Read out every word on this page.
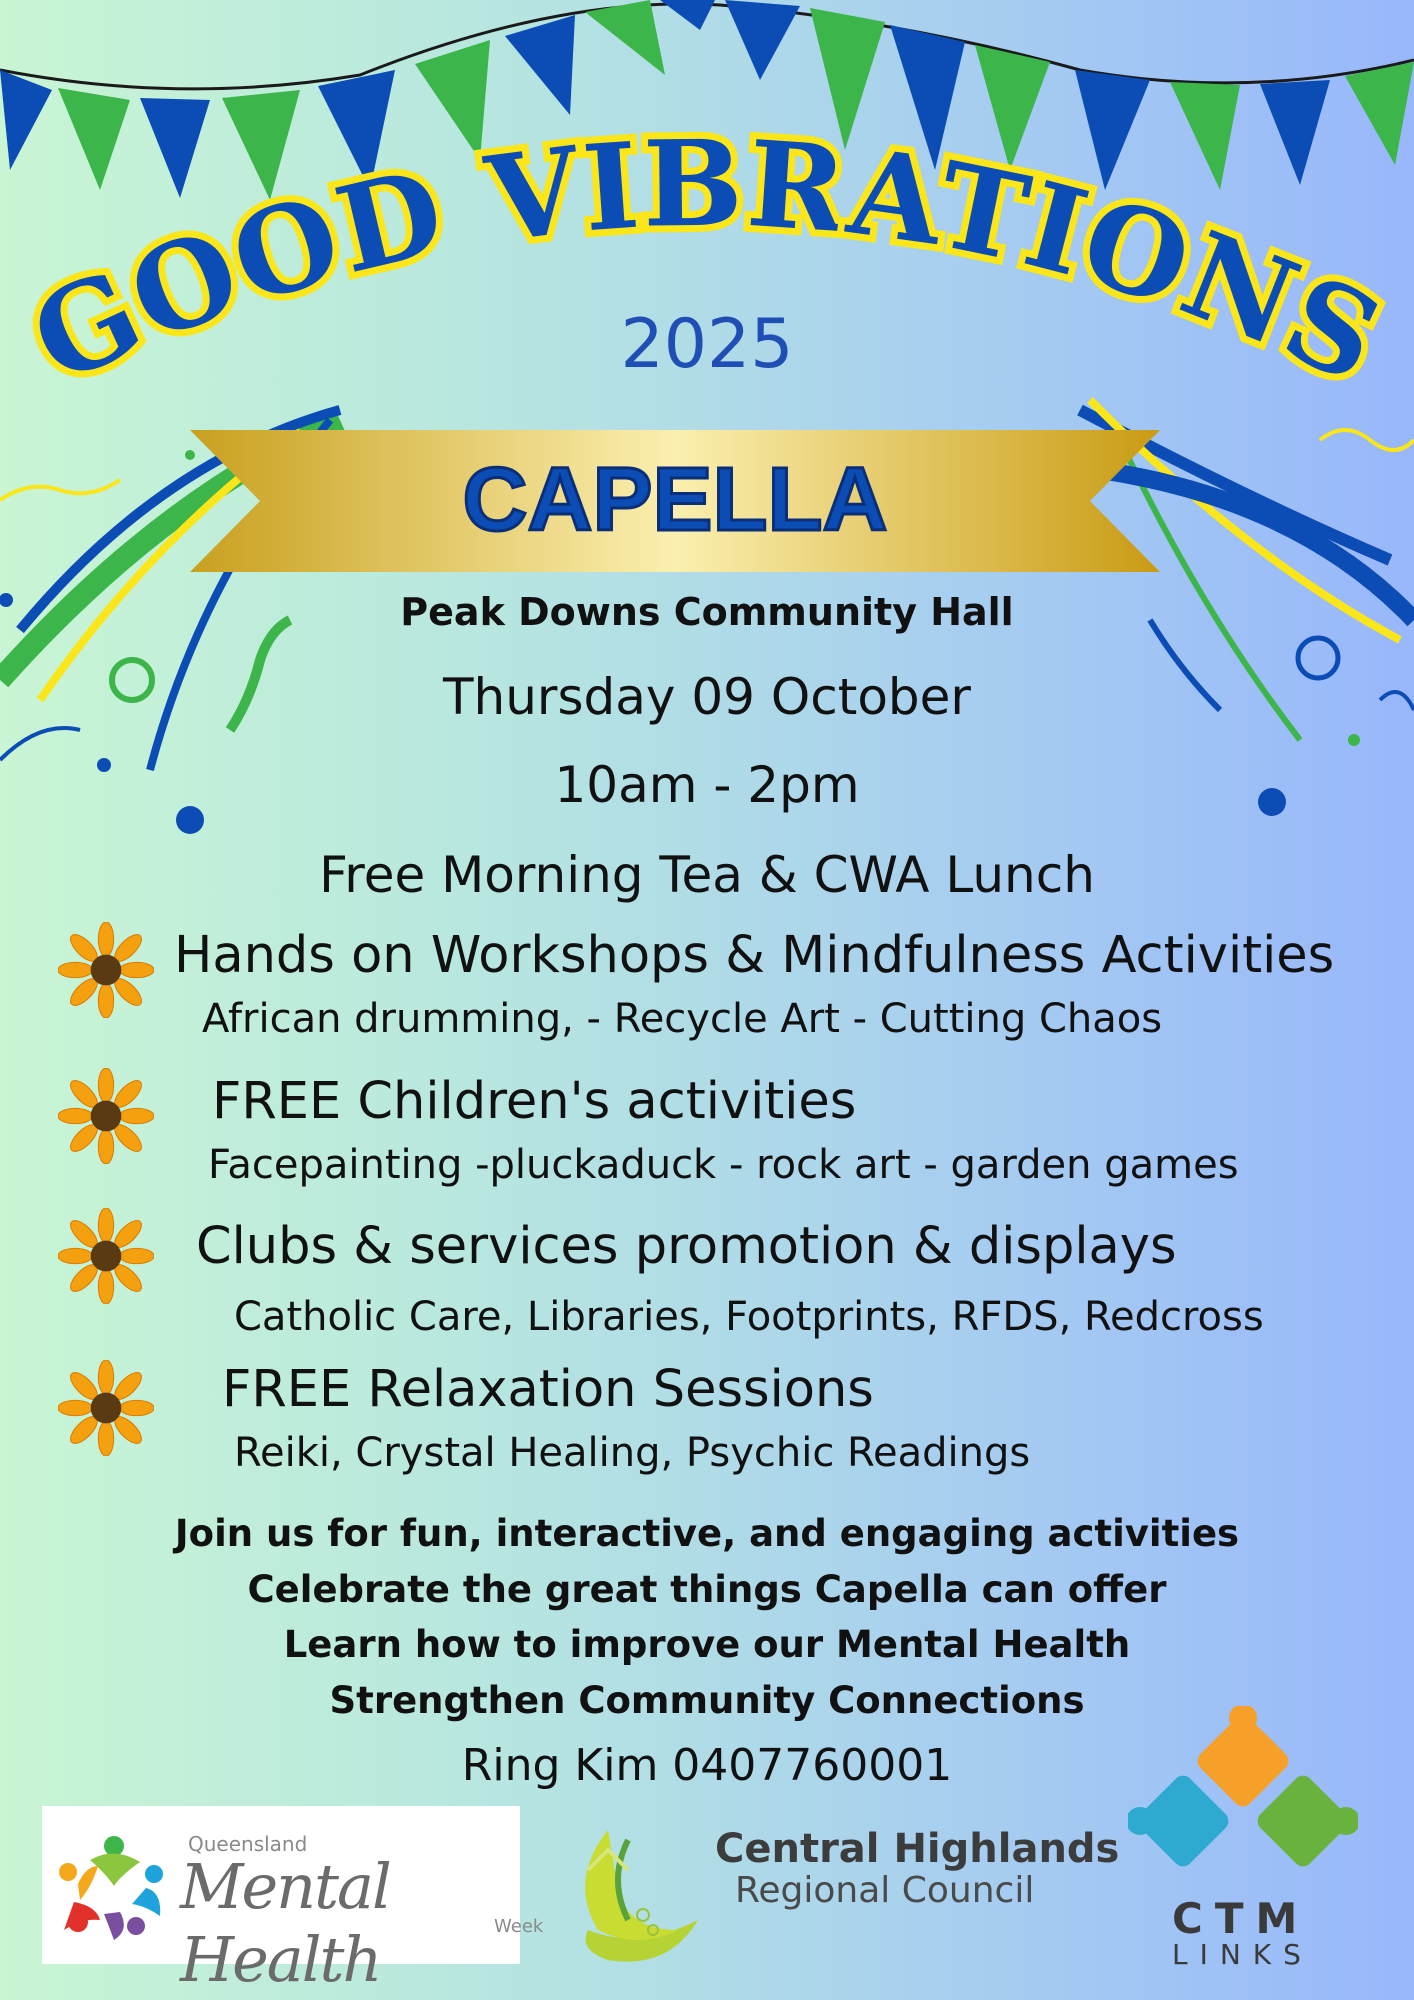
GOOD VIBRATIONS
2025
CAPELLA
Peak Downs Community Hall
Thursday 09 October
10am - 2pm
Free Morning Tea & CWA Lunch
Hands on Workshops & Mindfulness Activities
African drumming, - Recycle Art - Cutting Chaos
FREE Children's activities
Facepainting -pluckaduck - rock art - garden games
Clubs & services promotion & displays
Catholic Care, Libraries, Footprints, RFDS, Redcross
FREE Relaxation Sessions
Reiki, Crystal Healing, Psychic Readings
Join us for fun, interactive, and engaging activities
Celebrate the great things Capella can offer
Learn how to improve our Mental Health
Strengthen Community Connections
Ring Kim 0407760001
Queensland
Mental Health	Week
Central Highlands
Regional Council
CTM
LINKS
